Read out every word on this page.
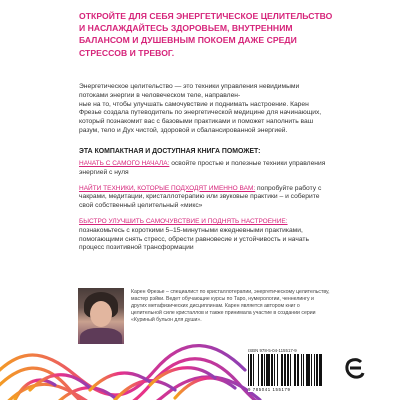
ОТКРОЙТЕ ДЛЯ СЕБЯ ЭНЕРГЕТИЧЕСКОЕ ЦЕЛИТЕЛЬСТВО И НАСЛАЖДАЙТЕСЬ ЗДОРОВЬЕМ, ВНУТРЕННИМ БАЛАНСОМ И ДУШЕВНЫМ ПОКОЕМ ДАЖЕ СРЕДИ СТРЕССОВ И ТРЕВОГ.

Энергетическое целительство — это техники управления невидимыми потоками энергии в человеческом теле, направлен-

ные на то, чтобы улучшать самочувствие и поднимать настроение. Карен Фрезье создала путеводитель по энергетической медицине для начинающих, который познакомит вас с базовыми практиками и поможет наполнить ваш разум, тело и Дух чистой, здоровой и сбалансированной энергией.

ЭТА КОМПАКТНАЯ И ДОСТУПНАЯ КНИГА ПОМОЖЕТ:
НАЧАТЬ С САМОГО НАЧАЛА: освойте простые и полезные техники управления энергией с нуля
НАЙТИ ТЕХНИКИ, КОТОРЫЕ ПОДХОДЯТ ИМЕННО ВАМ: попробуйте работу с чакрами, медитации, кристаллотерапию или звуковые практики – и соберите свой собственный целительный «микс»
БЫСТРО УЛУЧШИТЬ САМОЧУВСТВИЕ И ПОДНЯТЬ НАСТРОЕНИЕ: познакомьтесь с короткими 5–15-минутными ежедневными практиками, помогающими снять стресс, обрести равновесие и устойчивость и начать процесс позитивной трансформации
Карен Фрезье – специалист по кристаллотерапии, энергетическому целительству, мастер рэйки. Ведет обучающие курсы по Таро, нумерологии, ченнелингу и других метафизических дисциплинам. Карен является автором книг о целительной силе кристаллов и также принимала участие в создании серии «Куриный бульон для души».
ISBN 978-5-04-115517-9
9 785041 155179
